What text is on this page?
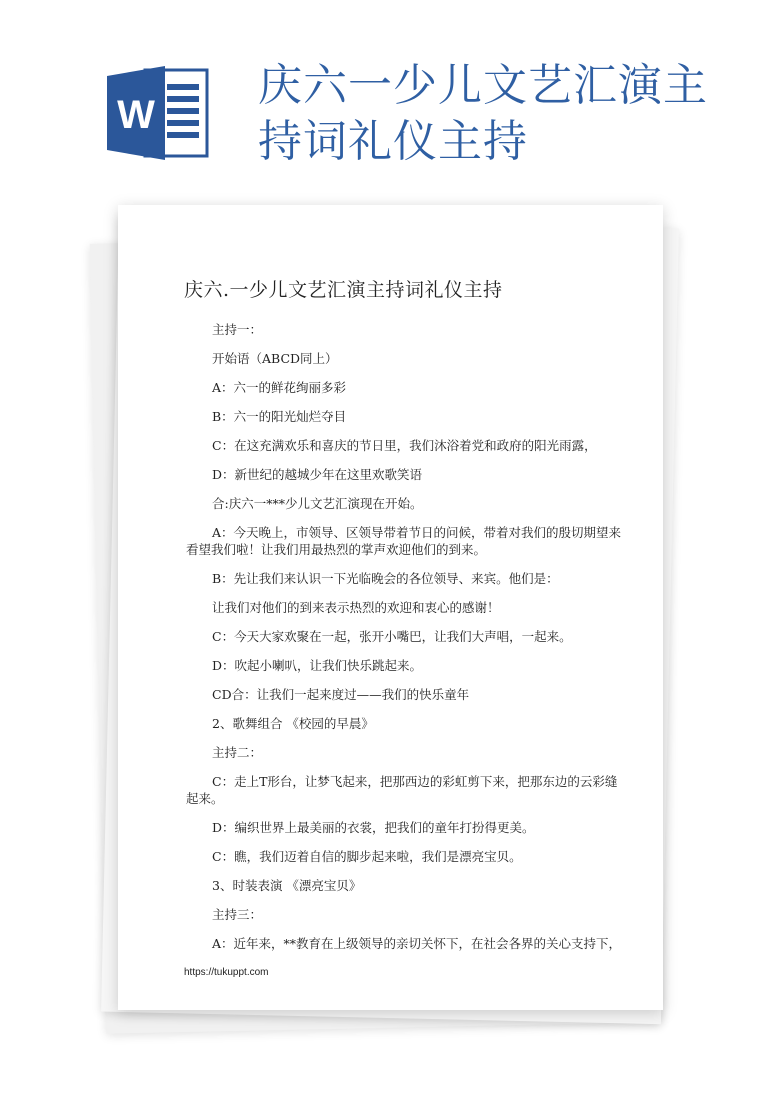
W
庆六一少儿文艺汇演主
持词礼仪主持
庆六.一少儿文艺汇演主持词礼仪主持
主持一：
开始语（ABCD同上）
A：六一的鲜花绚丽多彩
B：六一的阳光灿烂夺目
C：在这充满欢乐和喜庆的节日里，我们沐浴着党和政府的阳光雨露，
D：新世纪的越城少年在这里欢歌笑语
合:庆六一***少儿文艺汇演现在开始。
A：今天晚上，市领导、区领导带着节日的问候，带着对我们的殷切期望来
看望我们啦！让我们用最热烈的掌声欢迎他们的到来。
B：先让我们来认识一下光临晚会的各位领导、来宾。他们是：
让我们对他们的到来表示热烈的欢迎和衷心的感谢！
C：今天大家欢聚在一起，张开小嘴巴，让我们大声唱，一起来。
D：吹起小喇叭，让我们快乐跳起来。
CD合：让我们一起来度过——我们的快乐童年
2、歌舞组合 《校园的早晨》
主持二：
C：走上T形台，让梦飞起来，把那西边的彩虹剪下来，把那东边的云彩缝
起来。
D：编织世界上最美丽的衣裳，把我们的童年打扮得更美。
C：瞧，我们迈着自信的脚步起来啦，我们是漂亮宝贝。
3、时装表演 《漂亮宝贝》
主持三：
A：近年来，**教育在上级领导的亲切关怀下，在社会各界的关心支持下，
https://tukuppt.com
